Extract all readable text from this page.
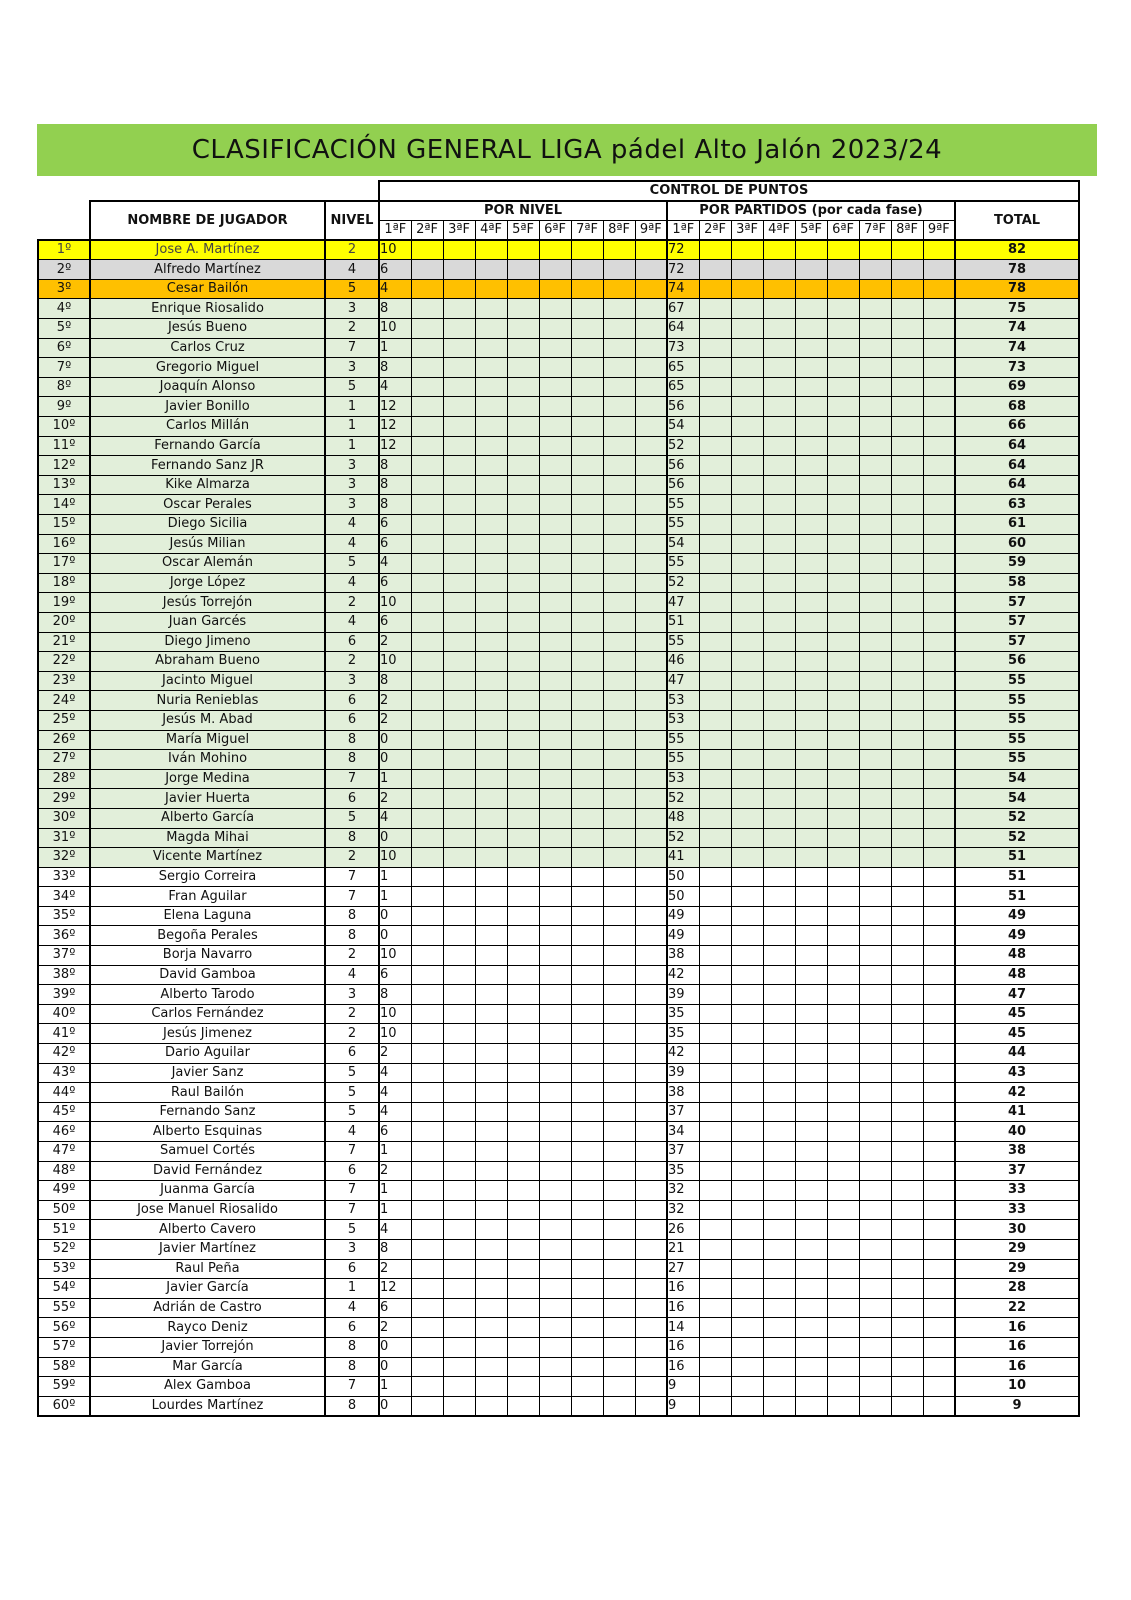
CLASIFICACIÓN GENERAL LIGA pádel Alto Jalón 2023/24
			CONTROL DE PUNTOS																		
	NOMBRE DE JUGADOR	NIVEL	POR NIVEL									POR PARTIDOS (por cada fase)									TOTAL
			1ªF	2ªF	3ªF	4ªF	5ªF	6ªF	7ªF	8ªF	9ªF	1ªF	2ªF	3ªF	4ªF	5ªF	6ªF	7ªF	8ªF	9ªF	
1º	Jose A. Martínez	2	10									72									82
2º	Alfredo Martínez	4	6									72									78
3º	Cesar Bailón	5	4									74									78
4º	Enrique Riosalido	3	8									67									75
5º	Jesús Bueno	2	10									64									74
6º	Carlos Cruz	7	1									73									74
7º	Gregorio Miguel	3	8									65									73
8º	Joaquín Alonso	5	4									65									69
9º	Javier Bonillo	1	12									56									68
10º	Carlos Millán	1	12									54									66
11º	Fernando García	1	12									52									64
12º	Fernando Sanz JR	3	8									56									64
13º	Kike Almarza	3	8									56									64
14º	Oscar Perales	3	8									55									63
15º	Diego Sicilia	4	6									55									61
16º	Jesús Milian	4	6									54									60
17º	Oscar Alemán	5	4									55									59
18º	Jorge López	4	6									52									58
19º	Jesús Torrejón	2	10									47									57
20º	Juan Garcés	4	6									51									57
21º	Diego Jimeno	6	2									55									57
22º	Abraham Bueno	2	10									46									56
23º	Jacinto Miguel	3	8									47									55
24º	Nuria Renieblas	6	2									53									55
25º	Jesús M. Abad	6	2									53									55
26º	María Miguel	8	0									55									55
27º	Iván Mohino	8	0									55									55
28º	Jorge Medina	7	1									53									54
29º	Javier Huerta	6	2									52									54
30º	Alberto García	5	4									48									52
31º	Magda Mihai	8	0									52									52
32º	Vicente Martínez	2	10									41									51
33º	Sergio Correira	7	1									50									51
34º	Fran Aguilar	7	1									50									51
35º	Elena Laguna	8	0									49									49
36º	Begoña Perales	8	0									49									49
37º	Borja Navarro	2	10									38									48
38º	David Gamboa	4	6									42									48
39º	Alberto Tarodo	3	8									39									47
40º	Carlos Fernández	2	10									35									45
41º	Jesús Jimenez	2	10									35									45
42º	Dario Aguilar	6	2									42									44
43º	Javier Sanz	5	4									39									43
44º	Raul Bailón	5	4									38									42
45º	Fernando Sanz	5	4									37									41
46º	Alberto Esquinas	4	6									34									40
47º	Samuel Cortés	7	1									37									38
48º	David Fernández	6	2									35									37
49º	Juanma García	7	1									32									33
50º	Jose Manuel Riosalido	7	1									32									33
51º	Alberto Cavero	5	4									26									30
52º	Javier Martínez	3	8									21									29
53º	Raul Peña	6	2									27									29
54º	Javier García	1	12									16									28
55º	Adrián de Castro	4	6									16									22
56º	Rayco Deniz	6	2									14									16
57º	Javier Torrejón	8	0									16									16
58º	Mar García	8	0									16									16
59º	Alex Gamboa	7	1									9									10
60º	Lourdes Martínez	8	0									9									9
